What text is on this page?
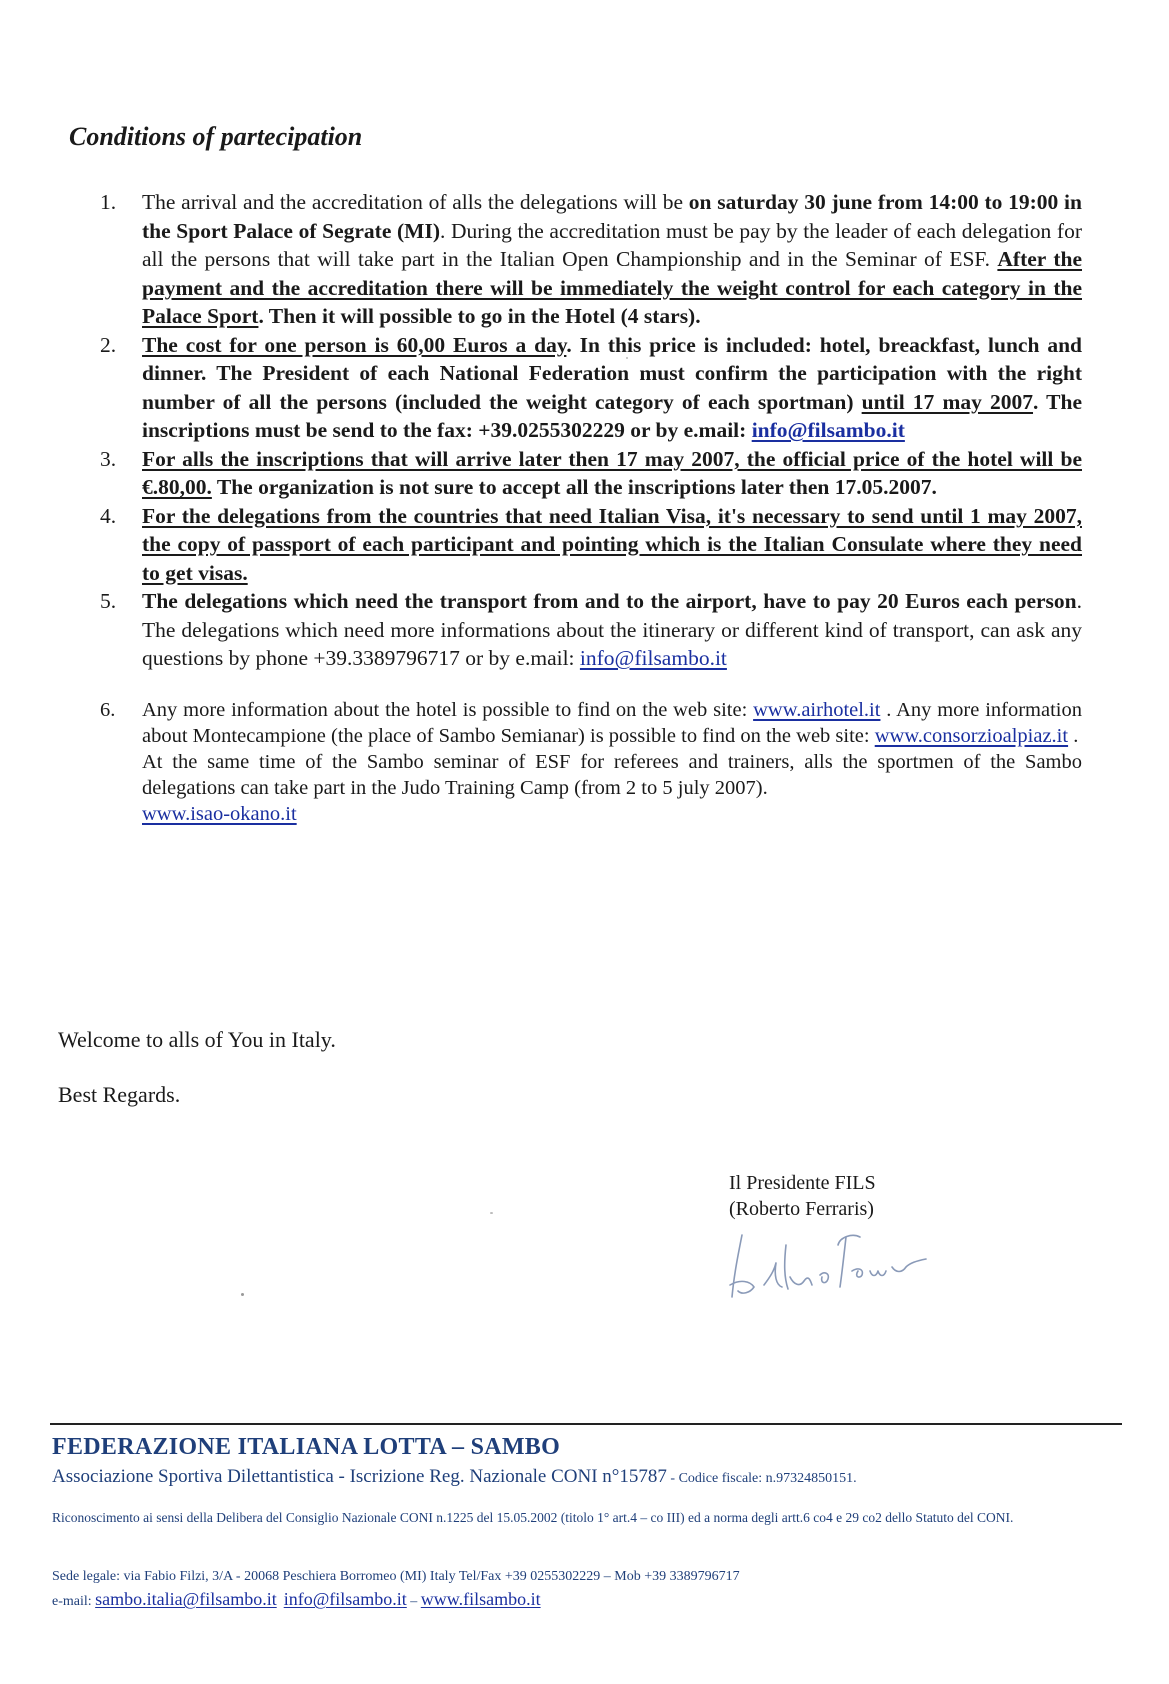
Conditions of partecipation
1.	The arrival and the accreditation of alls the delegations will be on saturday 30 june from 14:00 to 19:00 in the Sport Palace of Segrate (MI). During the accreditation must be pay by the leader of each delegation for all the persons that will take part in the Italian Open Championship and in the Seminar of ESF. After the payment and the accreditation there will be immediately the weight control for each category in the Palace Sport. Then it will possible to go in the Hotel (4 stars).
2.	The cost for one person is 60,00 Euros a day. In this price is included: hotel, breackfast, lunch and dinner. The President of each National Federation must confirm the participation with the right number of all the persons (included the weight category of each sportman) until 17 may 2007. The inscriptions must be send to the fax: +39.0255302229 or by e.mail: info@filsambo.it
3.	For alls the inscriptions that will arrive later then 17 may 2007, the official price of the hotel will be €.80,00. The organization is not sure to accept all the inscriptions later then 17.05.2007.
4.	For the delegations from the countries that need Italian Visa, it's necessary to send until 1 may 2007, the copy of passport of each participant and pointing which is the Italian Consulate where they need to get visas.
5.	The delegations which need the transport from and to the airport, have to pay 20 Euros each person. The delegations which need more informations about the itinerary or different kind of transport, can ask any questions by phone +39.3389796717 or by e.mail: info@filsambo.it
6.	Any more information about the hotel is possible to find on the web site: www.airhotel.it . Any more information about Montecampione (the place of Sambo Semianar) is possible to find on the web site: www.consorzioalpiaz.it .
At the same time of the Sambo seminar of ESF for referees and trainers, alls the sportmen of the Sambo delegations can take part in the Judo Training Camp (from 2 to 5 july 2007).
www.isao-okano.it

Welcome to alls of You in Italy.

Best Regards.

Il Presidente FILS
(Roberto Ferraris)
FEDERAZIONE ITALIANA LOTTA – SAMBO
Associazione Sportiva Dilettantistica - Iscrizione Reg. Nazionale CONI n°15787 - Codice fiscale: n.97324850151.
Riconoscimento ai sensi della Delibera del Consiglio Nazionale CONI n.1225 del 15.05.2002 (titolo 1° art.4 – co III) ed a norma degli artt.6 co4 e 29 co2 dello Statuto del CONI.
Sede legale: via Fabio Filzi, 3/A - 20068 Peschiera Borromeo (MI) Italy Tel/Fax +39 0255302229 – Mob +39 3389796717
e-mail: sambo.italia@filsambo.it info@filsambo.it – www.filsambo.it
